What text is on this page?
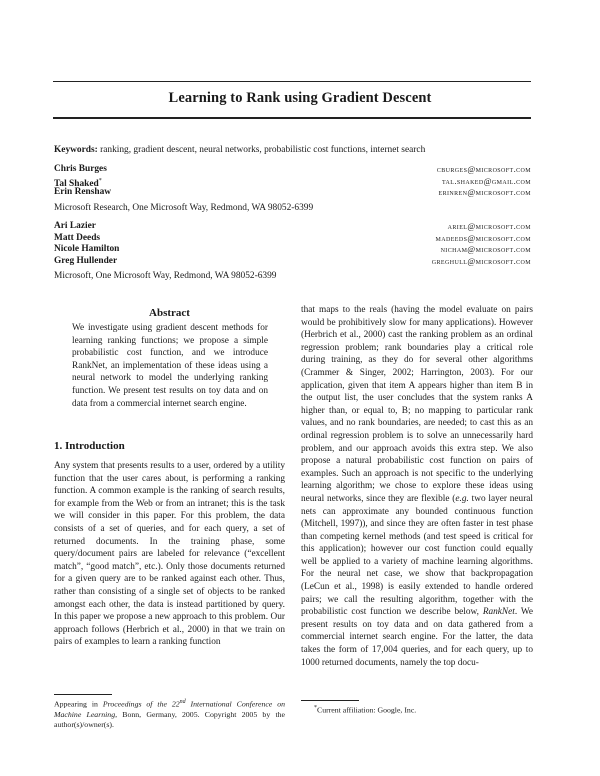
Learning to Rank using Gradient Descent
Keywords: ranking, gradient descent, neural networks, probabilistic cost functions, internet search
Chris Burges	cburges@microsoft.com
Tal Shaked*	tal.shaked@gmail.com
Erin Renshaw	erinren@microsoft.com
Microsoft Research, One Microsoft Way, Redmond, WA 98052-6399
Ari Lazier	ariel@microsoft.com
Matt Deeds	madeeds@microsoft.com
Nicole Hamilton	nicham@microsoft.com
Greg Hullender	greghull@microsoft.com
Microsoft, One Microsoft Way, Redmond, WA 98052-6399
Abstract
We investigate using gradient descent methods for learning ranking functions; we propose a simple probabilistic cost function, and we introduce RankNet, an implementation of these ideas using a neural network to model the underlying ranking function. We present test results on toy data and on data from a commercial internet search engine.
1. Introduction
Any system that presents results to a user, ordered by a utility function that the user cares about, is performing a ranking function. A common example is the ranking of search results, for example from the Web or from an intranet; this is the task we will consider in this paper. For this problem, the data consists of a set of queries, and for each query, a set of returned documents. In the training phase, some query/document pairs are labeled for relevance (“excellent match”, “good match”, etc.). Only those documents returned for a given query are to be ranked against each other. Thus, rather than consisting of a single set of objects to be ranked amongst each other, the data is instead partitioned by query. In this paper we propose a new approach to this problem. Our approach follows (Herbrich et al., 2000) in that we train on pairs of examples to learn a ranking function
that maps to the reals (having the model evaluate on pairs would be prohibitively slow for many applications). However (Herbrich et al., 2000) cast the ranking problem as an ordinal regression problem; rank boundaries play a critical role during training, as they do for several other algorithms (Crammer & Singer, 2002; Harrington, 2003). For our application, given that item A appears higher than item B in the output list, the user concludes that the system ranks A higher than, or equal to, B; no mapping to particular rank values, and no rank boundaries, are needed; to cast this as an ordinal regression problem is to solve an unnecessarily hard problem, and our approach avoids this extra step. We also propose a natural probabilistic cost function on pairs of examples. Such an approach is not specific to the underlying learning algorithm; we chose to explore these ideas using neural networks, since they are flexible (e.g. two layer neural nets can approximate any bounded continuous function (Mitchell, 1997)), and since they are often faster in test phase than competing kernel methods (and test speed is critical for this application); however our cost function could equally well be applied to a variety of machine learning algorithms. For the neural net case, we show that backpropagation (LeCun et al., 1998) is easily extended to handle ordered pairs; we call the resulting algorithm, together with the probabilistic cost function we describe below, RankNet. We present results on toy data and on data gathered from a commercial internet search engine. For the latter, the data takes the form of 17,004 queries, and for each query, up to 1000 returned documents, namely the top docu-
Appearing in Proceedings of the 22nd International Conference on Machine Learning, Bonn, Germany, 2005. Copyright 2005 by the author(s)/owner(s).
*Current affiliation: Google, Inc.
